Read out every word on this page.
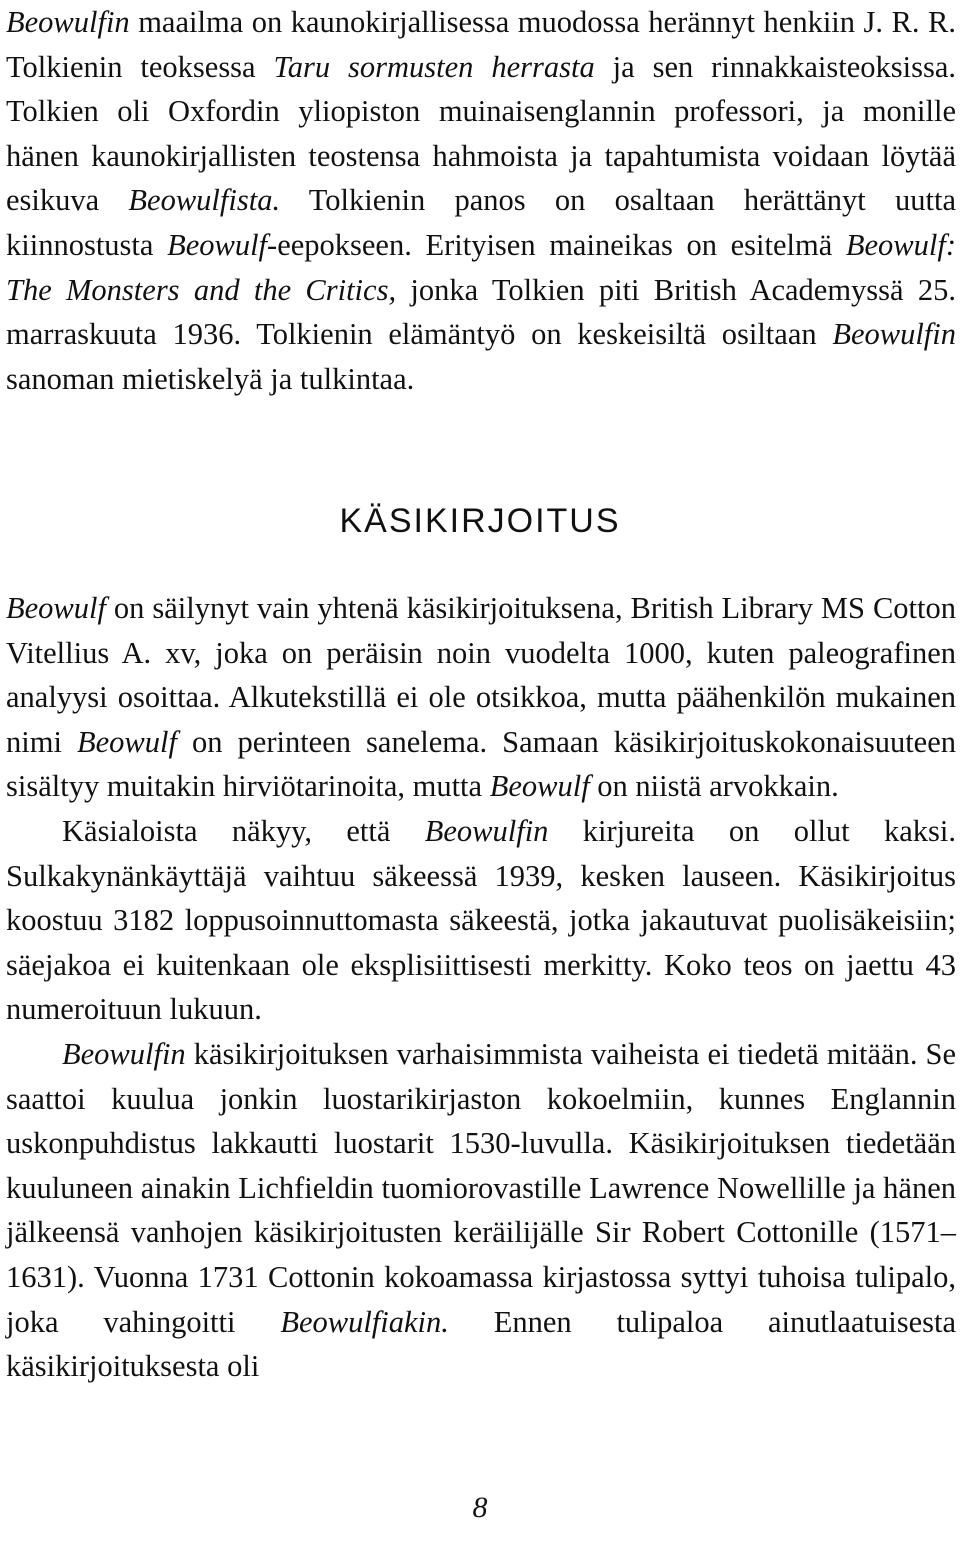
Beowulfin maailma on kaunokirjallisessa muodossa herännyt henkiin J. R. R. Tolkienin teoksessa Taru sormusten herrasta ja sen rinnakkaisteoksissa. Tolkien oli Oxfordin yliopiston muinaisenglannin professori, ja monille hänen kaunokirjallisten teostensa hahmoista ja tapahtumista voidaan löytää esikuva Beowulfista. Tolkienin panos on osaltaan herättänyt uutta kiinnostusta Beowulf-eepokseen. Erityisen maineikas on esitelmä Beowulf: The Monsters and the Critics, jonka Tolkien piti British Academyssä 25. marraskuuta 1936. Tolkienin elämäntyö on keskeisiltä osiltaan Beowulfin sanoman mietiskelyä ja tulkintaa.

KÄSIKIRJOITUS

Beowulf on säilynyt vain yhtenä käsikirjoituksena, British Library MS Cotton Vitellius A. xv, joka on peräisin noin vuodelta 1000, kuten paleografinen analyysi osoittaa. Alkutekstillä ei ole otsikkoa, mutta päähenkilön mukainen nimi Beowulf on perinteen sanelema. Samaan käsikirjoituskokonaisuuteen sisältyy muitakin hirviötarinoita, mutta Beowulf on niistä arvokkain.

Käsialoista näkyy, että Beowulfin kirjureita on ollut kaksi. Sulkakynänkäyttäjä vaihtuu säkeessä 1939, kesken lauseen. Käsikirjoitus koostuu 3182 loppusoinnuttomasta säkeestä, jotka jakautuvat puolisäkeisiin; säejakoa ei kuitenkaan ole eksplisiittisesti merkitty. Koko teos on jaettu 43 numeroituun lukuun.

Beowulfin käsikirjoituksen varhaisimmista vaiheista ei tiedetä mitään. Se saattoi kuulua jonkin luostarikirjaston kokoelmiin, kunnes Englannin uskonpuhdistus lakkautti luostarit 1530-luvulla. Käsikirjoituksen tiedetään kuuluneen ainakin Lichfieldin tuomiorovastille Lawrence Nowellille ja hänen jälkeensä vanhojen käsikirjoitusten keräilijälle Sir Robert Cottonille (1571–1631). Vuonna 1731 Cottonin kokoamassa kirjastossa syttyi tuhoisa tulipalo, joka vahingoitti Beowulfiakin. Ennen tulipaloa ainutlaatuisesta käsikirjoituksesta oli

8
